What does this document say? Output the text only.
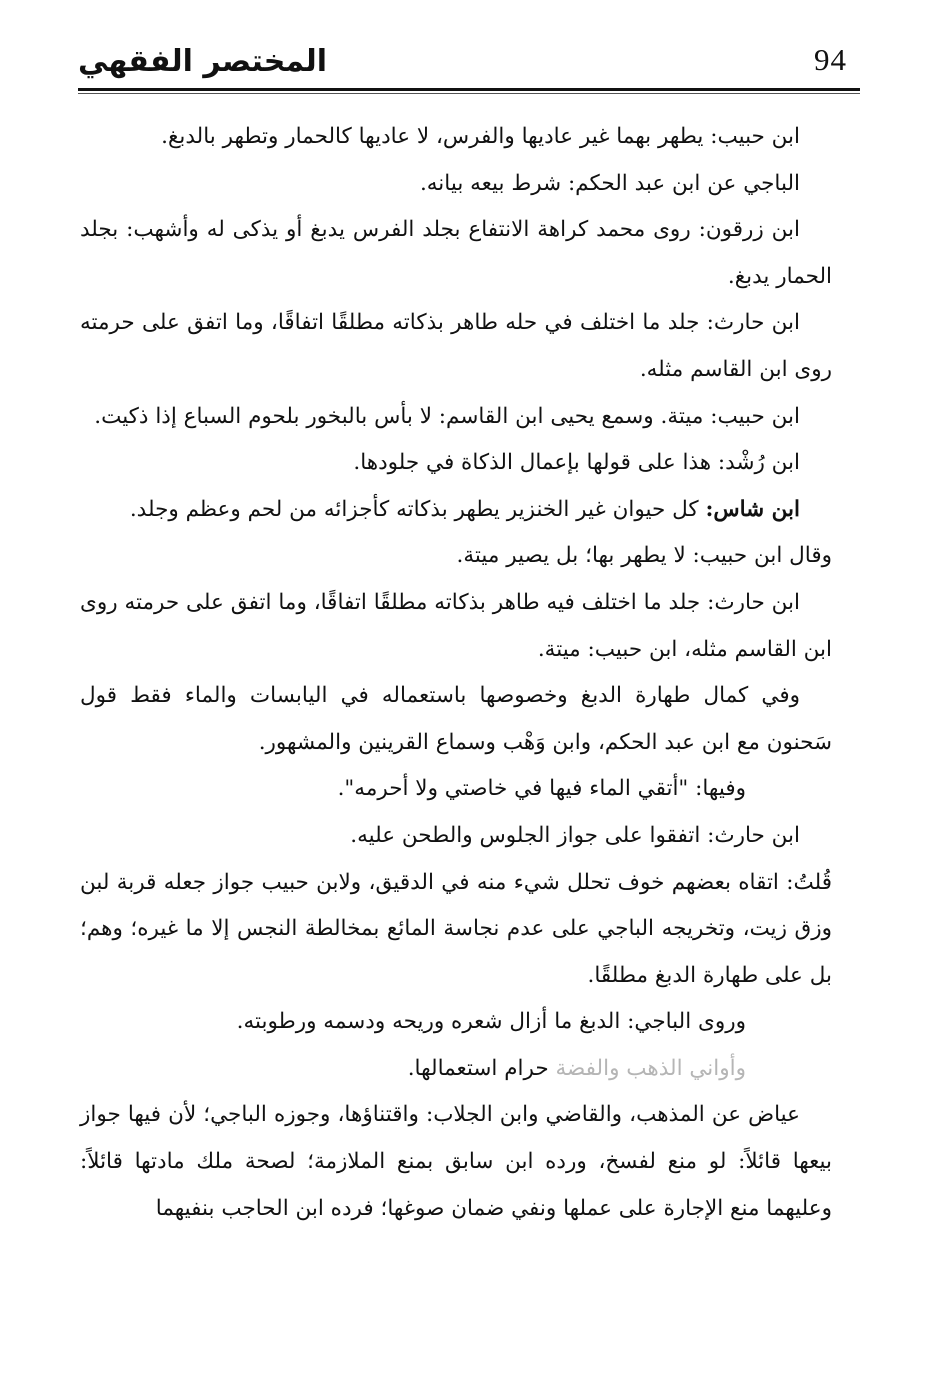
94
المختصر الفقهي

ابن حبيب: يطهر بهما غير عاديها والفرس، لا عاديها كالحمار وتطهر بالدبغ.

الباجي عن ابن عبد الحكم: شرط بيعه بيانه.

ابن زرقون: روى محمد كراهة الانتفاع بجلد الفرس يدبغ أو يذكى له وأشهب: بجلد الحمار يدبغ.

ابن حارث: جلد ما اختلف في حله طاهر بذكاته مطلقًا اتفاقًا، وما اتفق على حرمته روى ابن القاسم مثله.

ابن حبيب: ميتة. وسمع يحيى ابن القاسم: لا بأس بالبخور بلحوم السباع إذا ذكيت.

ابن رُشْد: هذا على قولها بإعمال الذكاة في جلودها.

ابن شاس: كل حيوان غير الخنزير يطهر بذكاته كأجزائه من لحم وعظم وجلد.

وقال ابن حبيب: لا يطهر بها؛ بل يصير ميتة.

ابن حارث: جلد ما اختلف فيه طاهر بذكاته مطلقًا اتفاقًا، وما اتفق على حرمته روى ابن القاسم مثله، ابن حبيب: ميتة.

وفي كمال طهارة الدبغ وخصوصها باستعماله في اليابسات والماء فقط قول سَحنون مع ابن عبد الحكم، وابن وَهْب وسماع القرينين والمشهور.

وفيها: "أتقي الماء فيها في خاصتي ولا أحرمه".

ابن حارث: اتفقوا على جواز الجلوس والطحن عليه.

قُلتُ: اتقاه بعضهم خوف تحلل شيء منه في الدقيق، ولابن حبيب جواز جعله قربة لبن وزق زيت، وتخريجه الباجي على عدم نجاسة المائع بمخالطة النجس إلا ما غيره؛ وهم؛ بل على طهارة الدبغ مطلقًا.

وروى الباجي: الدبغ ما أزال شعره وريحه ودسمه ورطوبته.

وأواني الذهب والفضة حرام استعمالها.

عياض عن المذهب، والقاضي وابن الجلاب: واقتناؤها، وجوزه الباجي؛ لأن فيها جواز بيعها قائلاً: لو منع لفسخ، ورده ابن سابق بمنع الملازمة؛ لصحة ملك مادتها قائلاً: وعليهما منع الإجارة على عملها ونفي ضمان صوغها؛ فرده ابن الحاجب بنفيهما
